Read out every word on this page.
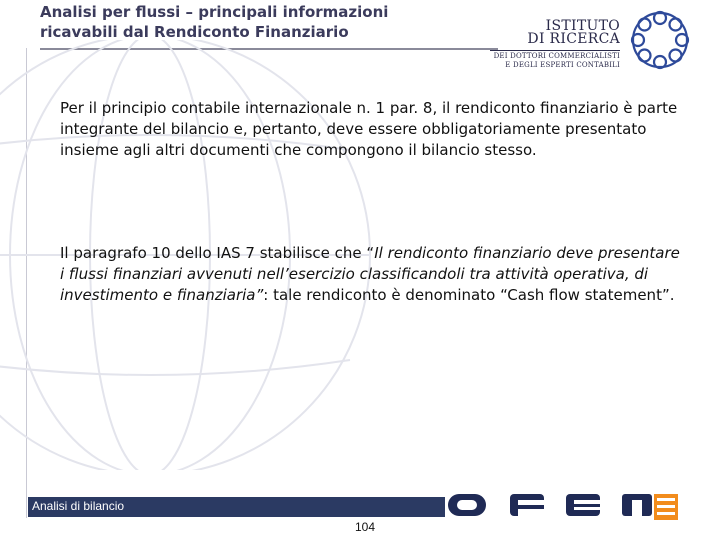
Analisi per flussi – principali informazioni
ricavabili dal Rendiconto Finanziario	ISTITUTO
DI RICERCA
DEI DOTTORI COMMERCIALISTI
E DEGLI ESPERTI CONTABILI
Per il principio contabile internazionale n. 1 par. 8, il rendiconto finanziario è parte integrante del bilancio e, pertanto, deve essere obbligatoriamente presentato insieme agli altri documenti che compongono il bilancio stesso.
Il paragrafo 10 dello IAS 7 stabilisce che “Il rendiconto finanziario deve presentare i flussi finanziari avvenuti nell’esercizio classificandoli tra attività operativa, di investimento e finanziaria”: tale rendiconto è denominato “Cash flow statement”.
Analisi di bilancio
104
